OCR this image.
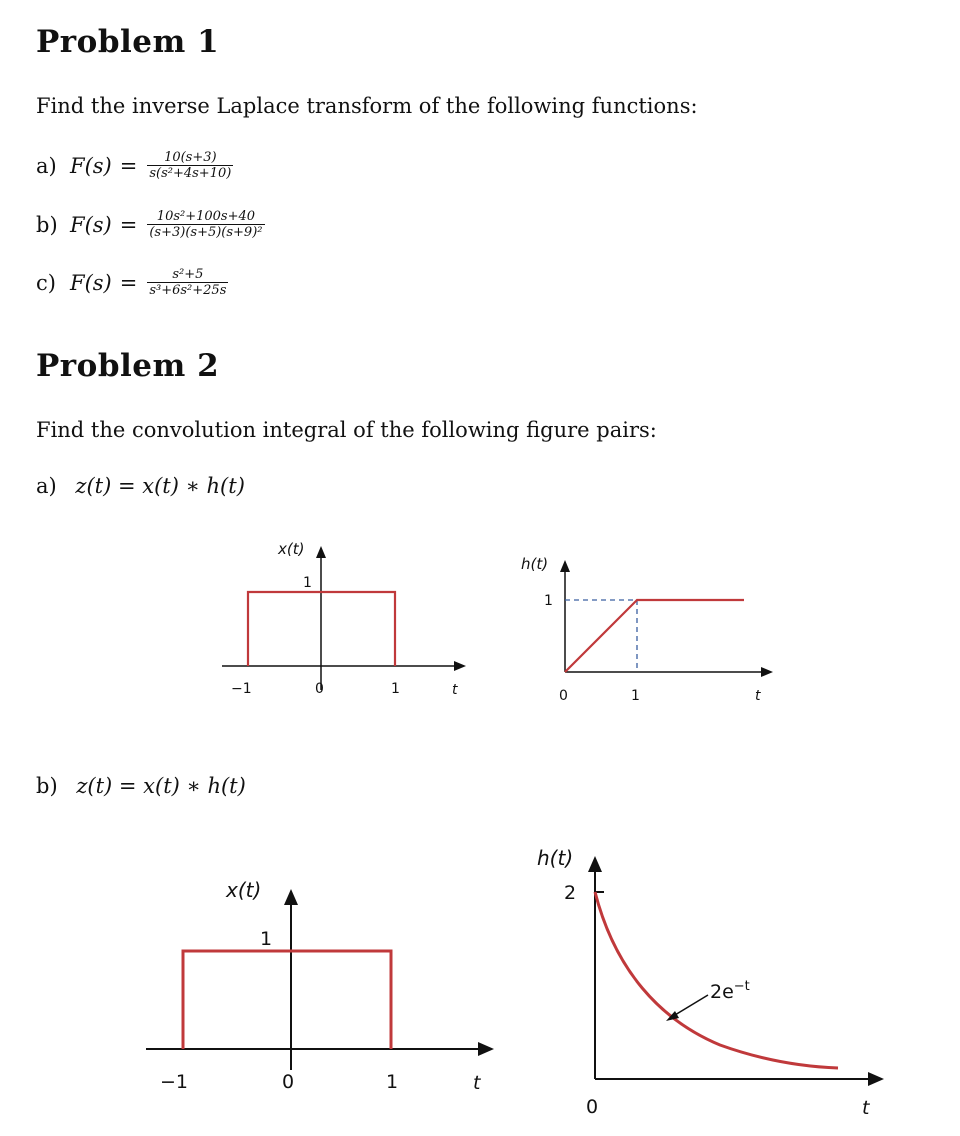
Problem 1
Find the inverse Laplace transform of the following functions:
a) $F(s) = \frac{10(s+3)}{\text{s(s²+4s+10)}}$
b) $F(s) = \frac{\text{10s²+100s+40}}{\text{(s+3)(s+5)(s+9)²}}$
c) $F(s) = \frac{\text{s²+5}}{\text{s³+6s²+25s}}$
Problem 2
Find the convolution integral of the following figure pairs:
a) z(t) = x(t) ∗ h(t)
x(t)
1
−1	0	1	t
h(t)
1
0	1	t
b) z(t) = x(t) ∗ h(t)
x(t)
1
−1	0	1	t
h(t)
2
0	t
$2e^{-t}$
